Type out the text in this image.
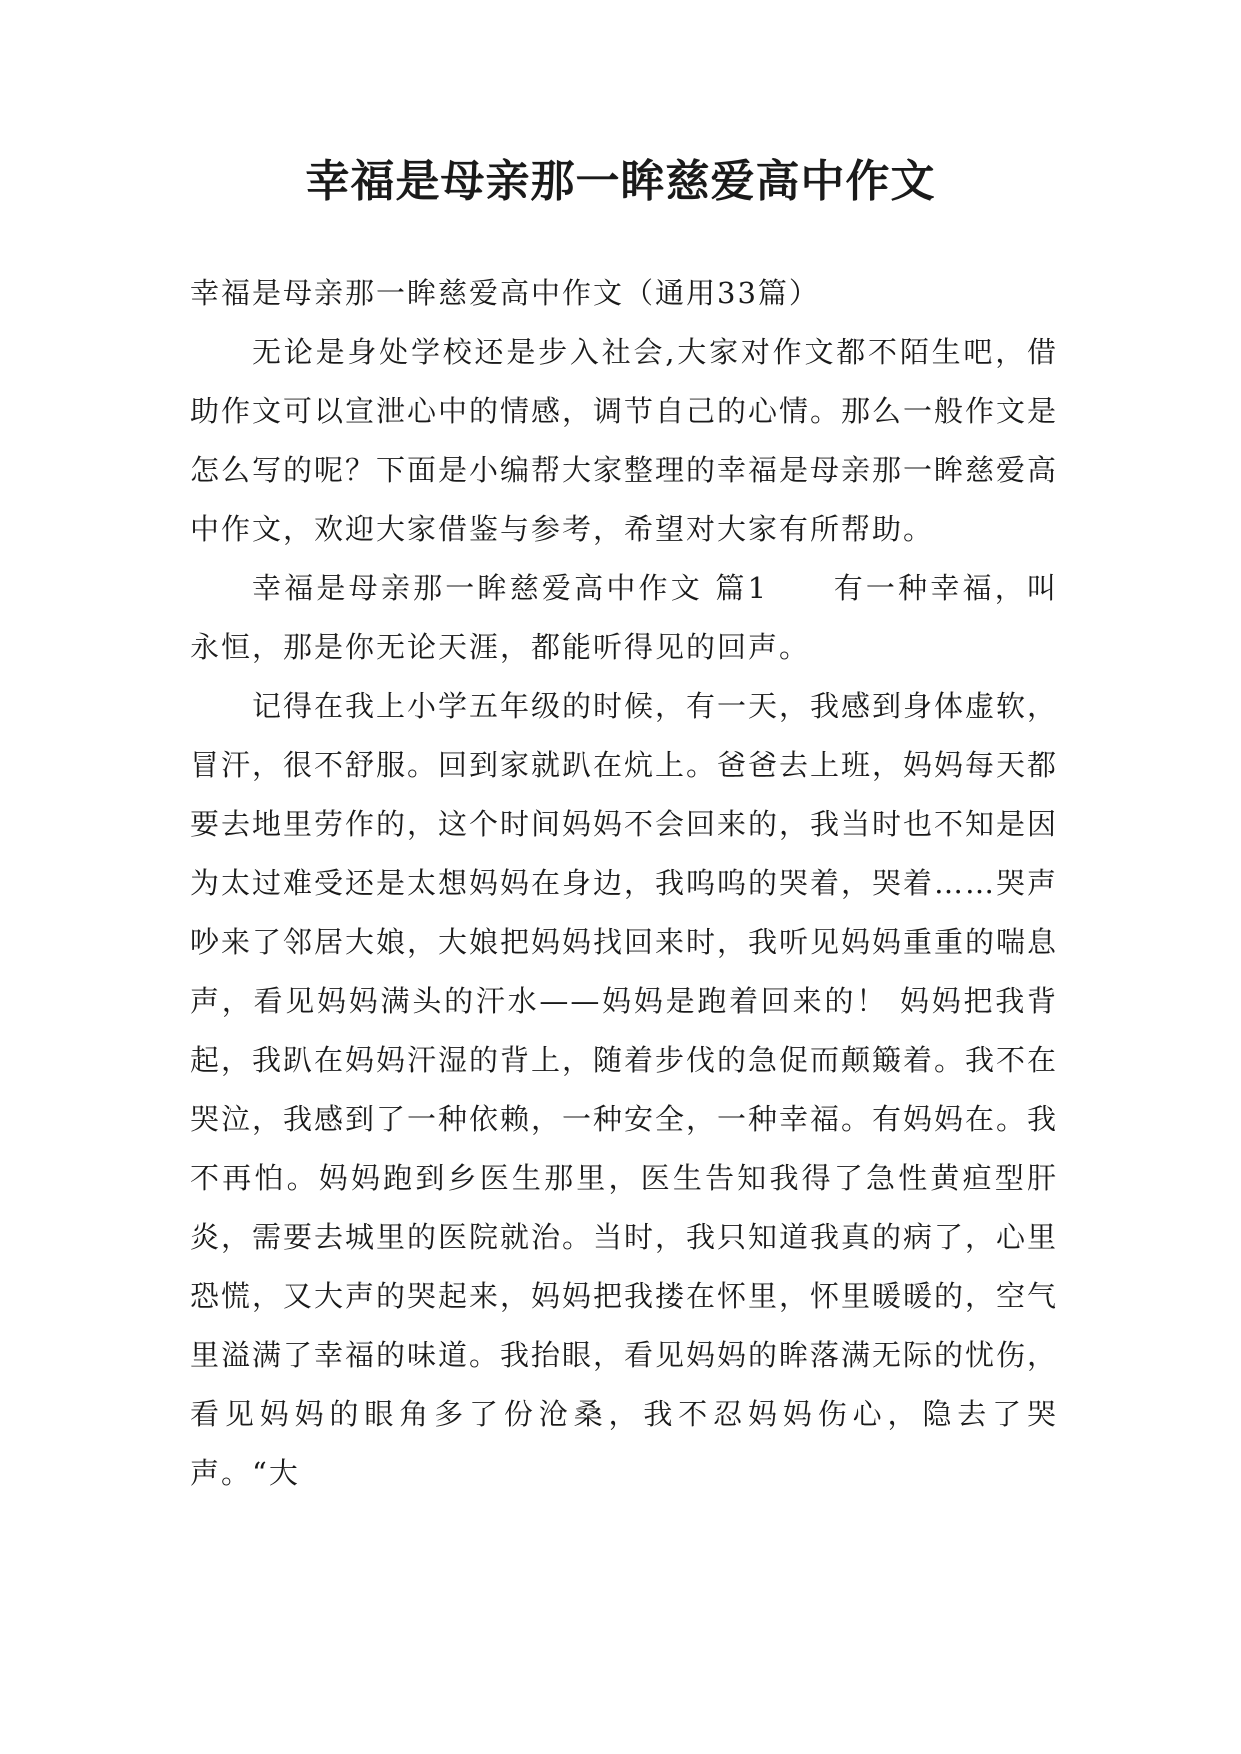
幸福是母亲那一眸慈爱高中作文

幸福是母亲那一眸慈爱高中作文（通用33篇）

无论是身处学校还是步入社会,大家对作文都不陌生吧，借助作文可以宣泄心中的情感，调节自己的心情。那么一般作文是怎么写的呢？下面是小编帮大家整理的幸福是母亲那一眸慈爱高中作文，欢迎大家借鉴与参考，希望对大家有所帮助。

幸福是母亲那一眸慈爱高中作文 篇1　　有一种幸福，叫永恒，那是你无论天涯，都能听得见的回声。

记得在我上小学五年级的时候，有一天，我感到身体虚软，冒汗，很不舒服。回到家就趴在炕上。爸爸去上班，妈妈每天都要去地里劳作的，这个时间妈妈不会回来的，我当时也不知是因为太过难受还是太想妈妈在身边，我呜呜的哭着，哭着……哭声吵来了邻居大娘，大娘把妈妈找回来时，我听见妈妈重重的喘息声，看见妈妈满头的汗水——妈妈是跑着回来的！ 妈妈把我背起，我趴在妈妈汗湿的背上，随着步伐的急促而颠簸着。我不在哭泣，我感到了一种依赖，一种安全，一种幸福。有妈妈在。我不再怕。妈妈跑到乡医生那里，医生告知我得了急性黄疸型肝炎，需要去城里的医院就治。当时，我只知道我真的病了，心里恐慌，又大声的哭起来，妈妈把我搂在怀里，怀里暖暖的，空气里溢满了幸福的味道。我抬眼，看见妈妈的眸落满无际的忧伤，看见妈妈的眼角多了份沧桑，我不忍妈妈伤心，隐去了哭声。“大
